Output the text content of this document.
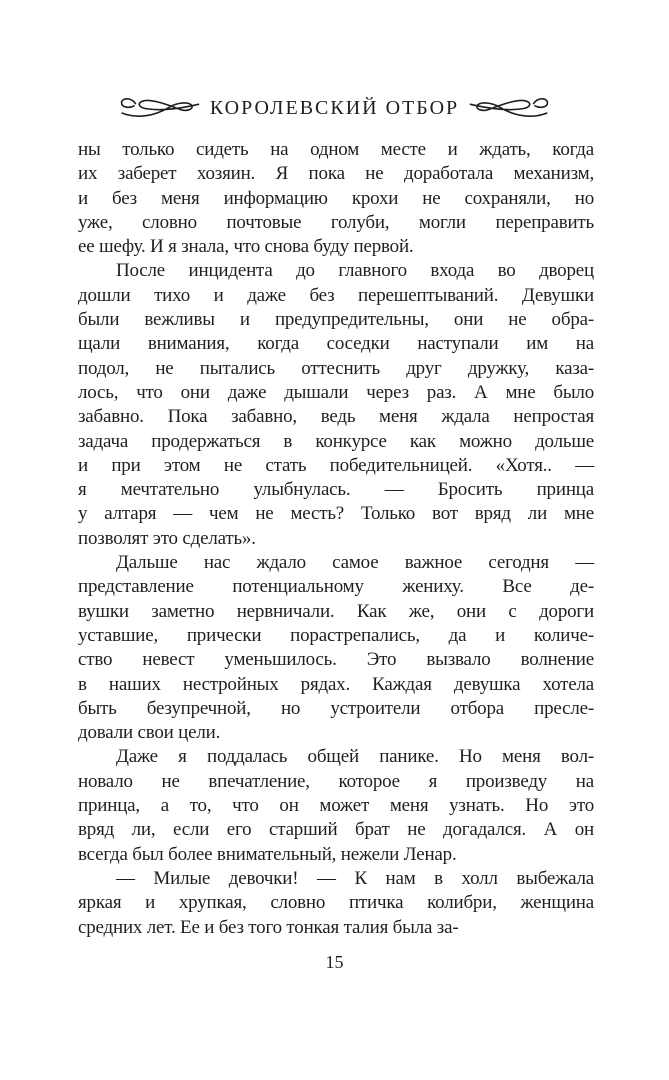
КОРОЛЕВСКИЙ ОТБОР

ны только сидеть на одном месте и ждать, когда
их заберет хозяин. Я пока не доработала механизм,
и без меня информацию крохи не сохраняли, но
уже, словно почтовые голуби, могли переправить
ее шефу. И я знала, что снова буду первой.

После инцидента до главного входа во дворец
дошли тихо и даже без перешептываний. Девушки
были вежливы и предупредительны, они не обра-
щали внимания, когда соседки наступали им на
подол, не пытались оттеснить друг дружку, каза-
лось, что они даже дышали через раз. А мне было
забавно. Пока забавно, ведь меня ждала непростая
задача продержаться в конкурсе как можно дольше
и при этом не стать победительницей. «Хотя.. —
я мечтательно улыбнулась. — Бросить принца
у алтаря — чем не месть? Только вот вряд ли мне
позволят это сделать».

Дальше нас ждало самое важное сегодня —
представление потенциальному жениху. Все де-
вушки заметно нервничали. Как же, они с дороги
уставшие, прически порастрепались, да и количе-
ство невест уменьшилось. Это вызвало волнение
в наших нестройных рядах. Каждая девушка хотела
быть безупречной, но устроители отбора пресле-
довали свои цели.

Даже я поддалась общей панике. Но меня вол-
новало не впечатление, которое я произведу на
принца, а то, что он может меня узнать. Но это
вряд ли, если его старший брат не догадался. А он
всегда был более внимательный, нежели Ленар.

— Милые девочки! — К нам в холл выбежала
яркая и хрупкая, словно птичка колибри, женщина
средних лет. Ее и без того тонкая талия была за-

15
